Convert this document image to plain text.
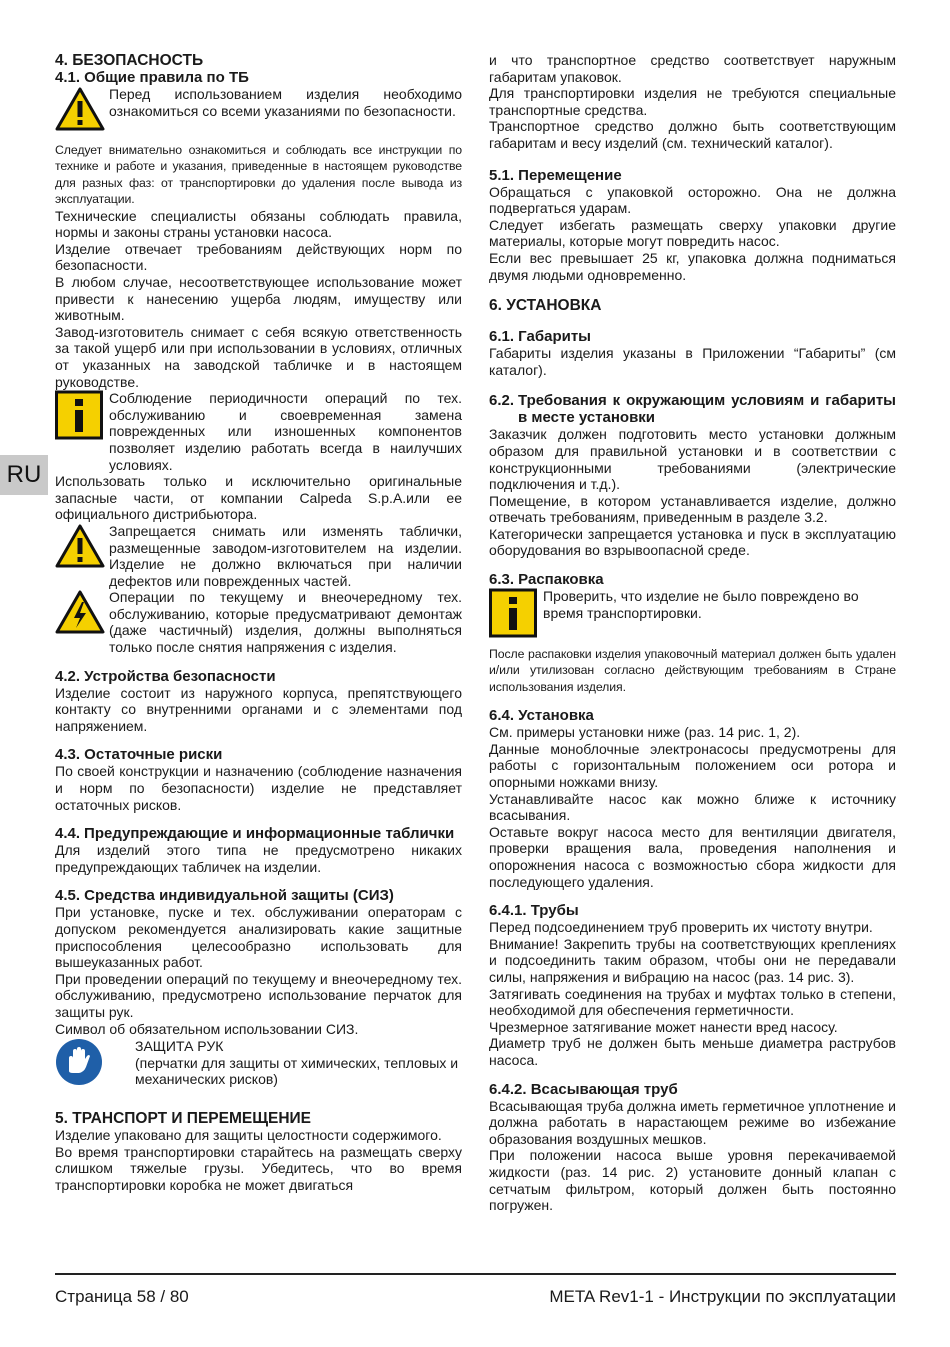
RU
4. БЕЗОПАСНОСТЬ
4.1. Общие правила по ТБ

Перед использованием изделия необходимо ознакомиться со всеми указаниями по безопасности.

Следует внимательно ознакомиться и соблюдать все инструкции по технике и работе и указания, приведенные в настоящем руководстве для разных фаз: от транспортировки до удаления после вывода из эксплуатации.

Технические специалисты обязаны соблюдать правила, нормы и законы страны установки насоса.

Изделие отвечает требованиям действующих норм по безопасности.

В любом случае, несоответствующее использование может привести к нанесению ущерба людям, имуществу или животным.

Завод-изготовитель снимает с себя всякую ответственность за такой ущерб или при использовании в условиях, отличных от указанных на заводской табличке и в настоящем руководстве.

Соблюдение периодичности операций по тех. обслуживанию и своевременная замена поврежденных или изношенных компонентов позволяет изделию работать всегда в наилучших условиях.

Использовать только и исключительно оригинальные запасные части, от компании Calpeda S.p.A.или ее официального дистрибьютора.

Запрещается снимать или изменять таблички, размещенные заводом-изготовителем на изделии. Изделие не должно включаться при наличии дефектов или поврежденных частей.

Операции по текущему и внеочередному тех. обслуживанию, которые предусматривают демонтаж (даже частичный) изделия, должны выполняться только после снятия напряжения с изделия.

4.2. Устройства безопасности

Изделие состоит из наружного корпуса, препятствующего контакту со внутренними органами и с элементами под напряжением.

4.3. Остаточные риски

По своей конструкции и назначению (соблюдение назначения и норм по безопасности) изделие не представляет остаточных рисков.

4.4. Предупреждающие и информационные таблички

Для изделий этого типа не предусмотрено никаких предупреждающих табличек на изделии.

4.5. Средства индивидуальной защиты (СИЗ)

При установке, пуске и тех. обслуживании операторам с допуском рекомендуется анализировать какие защитные приспособления целесообразно использовать для вышеуказанных работ.

При проведении операций по текущему и внеочередному тех. обслуживанию, предусмотрено использование перчаток для защиты рук.

Символ об обязательном использовании СИЗ.

ЗАЩИТА РУК
(перчатки для защиты от химических, тепловых и механических рисков)
5. ТРАНСПОРТ И ПЕРЕМЕЩЕНИЕ

Изделие упаковано для защиты целостности содержимого.

Во время транспортировки старайтесь на размещать сверху слишком тяжелые грузы. Убедитесь, что во время транспортировки коробка не может двигаться

и что транспортное средство соответствует наружным габаритам упаковок.

Для транспортировки изделия не требуются специальные транспортные средства.

Транспортное средство должно быть соответствующим габаритам и весу изделий (см. технический каталог).

5.1. Перемещение

Обращаться с упаковкой осторожно. Она не должна подвергаться ударам.

Следует избегать размещать сверху упаковки другие материалы, которые могут повредить насос.

Если вес превышает 25 кг, упаковка должна подниматься двумя людьми одновременно.

6. УСТАНОВКА
6.1. Габариты

Габариты изделия указаны в Приложении “Габариты” (см каталог).

6.2. Требования к окружающим условиям и габариты в месте установки

Заказчик должен подготовить место установки должным образом для правильной установки и в соответствии с конструкционными требованиями (электрические подключения и т.д.).

Помещение, в котором устанавливается изделие, должно отвечать требованиям, приведенным в разделе 3.2.

Категорически запрещается установка и пуск в эксплуатацию оборудования во взрывоопасной среде.

6.3. Распаковка

Проверить, что изделие не было повреждено во время транспортировки.

После распаковки изделия упаковочный материал должен быть удален и/или утилизован согласно действующим требованиям в Стране использования изделия.

6.4. Установка

См. примеры установки ниже (раз. 14 рис. 1, 2).

Данные моноблочные электронасосы предусмотрены для работы с горизонтальным положением оси ротора и опорными ножками внизу.

Устанавливайте насос как можно ближе к источнику всасывания.

Оставьте вокруг насоса место для вентиляции двигателя, проверки вращения вала, проведения наполнения и опорожнения насоса с возможностью сбора жидкости для последующего удаления.

6.4.1. Трубы

Перед подсоединением труб проверить их чистоту внутри.

Внимание! Закрепить трубы на соответствующих креплениях и подсоединить таким образом, чтобы они не передавали силы, напряжения и вибрацию на насос (раз. 14 рис. 3).

Затягивать соединения на трубах и муфтах только в степени, необходимой для обеспечения герметичности.

Чрезмерное затягивание может нанести вред насосу.

Диаметр труб не должен быть меньше диаметра раструбов насоса.

6.4.2. Всасывающая труб

Всасывающая труба должна иметь герметичное уплотнение и должна работать в нарастающем режиме во избежание образования воздушных мешков.

При положении насоса выше уровня перекачиваемой жидкости (раз. 14 рис. 2) установите донный клапан с сетчатым фильтром, который должен быть постоянно погружен.

Страница 58 / 80	META Rev1-1 - Инструкции по эксплуатации
